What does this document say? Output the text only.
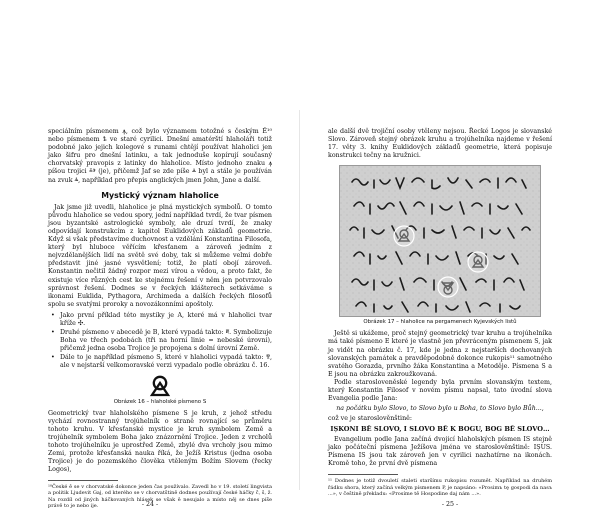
speciálním písmenem ꙟ, což bylo významem totožné s českým Ě¹⁰ nebo písmenem ѣ ve staré cyrilici. Dnešní amatérští hlaholáři totiž podobné jako jejich kolegové s runami chtějí používat hlaholici jen jako šifru pro dnešní latinku, a tak jednoduše kopírují současný chorvatský pravopis z latinky do hlaholice. Místo jednoho znaku ꙟ píšou trojici ⰻⰵ (je), přičemž Jaf se zde píše ⱑ byl a stále je používán na zvuk ⱑ, například pro přepis anglických jmen John, Jane a další.

Mystický význam hlaholice

Jak jsme již uvedli, hlaholice je plná mystických symbolů. O tomto původu hlaholice se vedou spory, jední například tvrdí, že tvar písmen jsou byzantské astrologické symboly, ale druzí tvrdí, že znaky odpovídají konstrukcím z kapitol Euklidových základů geometrie. Když si však představíme duchovnost a vzdělání Konstantina Filosofa, který byl hluboce věřícím křesťanem a zároveň jedním z nejvzdělanějších lidí na světě své doby, tak si můžeme velmi dobře představit jiné jasné vysvětlení; totiž, že platí obojí zároveň. Konstantin nečitil žádný rozpor mezi vírou a vědou, a proto fakt, že existuje více různých cest ke stejnému řešení v něm jen potvrzovalo správnost řešení. Dodnes se v řeckých klášterech setkáváme s ikonami Euklida, Pythagora, Archimeda a dalších řeckých filosofů spolu se svatými proroky a novozákonními apoštoly.

• Jako první příklad této mystiky je A, které má v hlaholici tvar křížе ✣.
• Druhé písmeno v abecedě je B, které vypadá takto: ⰱ. Symbolizuje Boha ve třech podobách (tři na horní linie = nebeské úrovni), přičemž jedna osoba Trojice je propojena s dolní úrovní Země.
• Dále to je například písmeno S, které v hlaholici vypadá takto: ⰺ, ale v nejstarší velkomoravské verzi vypadalo podle obrázku č. 16.
Obrázek 16 – hlaholské písmeno S

Geometrický tvar hlaholského písmene S je kruh, z jehož středu vychází rovnostranný trojúhelník o straně rovnající se průměru tohoto kruhu. V křesťanské mystice je kruh symbolem Země a trojúhelník symbolem Boha jako znázornění Trojice. Jeden z vrcholů tohoto trojúhelníku je uprostřed Země, zbylé dva vrcholy jsou mimo Zemi, protože křesťanská nauka říká, že Ježíš Kristus (jedna osoba Trojice) je do pozemského člověka vtěleným Božím Slovem (řecky Logos),

¹⁰České ě se v chorvatské dokonce jeden čas používalo. Zavedl ho v 19. století lingvista a politik Ljudevit Gaj, od kterého se v chorvatštině dodnes používají české háčky č, š, ž. Na rozdíl od jiných háčkovaných hlásek se však ě nesujalo a místo něj se dnes píše právě to je nebo ije.	- 24 -

ale další dvě trojiční osoby vtěleny nejsou. Řecké Logos je slovanské Slovo. Zároveň stejný obrázek kruhu a trojúhelníka najdeme v řešení 17. věty 3. knihy Euklidových základů geometrie, která popisuje konstrukci tečny na kružnici.

Obrázek 17 – hlaholice na pergamenech Kyjevských listů

Ještě si ukážeme, proč stejný geometrický tvar kruhu a trojúhelníka má také písmeno E které je vlastně jen převráceným písmenem S, jak je vidět na obrázku č. 17, kde je jedna z nejstarších dochovaných slovanských památek a pravděpodobně dokonce rukopis¹¹ samotného svatého Gorazda, prvního žáka Konstantina a Metoděje. Písmena S a E jsou na obrázku zakroužkovaná.

Podle starosloveněské legendy byla prvním slovanským textem, který Konstantin Filosof v novém písmu napsal, tato úvodní slova Evangelia podle Jana:

na počátku bylo Slovo, to Slovo bylo u Boha, to Slovo bylo Bůh...,

což ve je staroslověnštině:

IȘKONI BĚ SLOVO, I SLOVO BĚ K BOGU, BOG BĚ SLOVO…

Evangelium podle Jana začíná dvojicí hlaholských písmen IS stejně jako počáteční písmena Ježíšova jména ve staroslověnštině: IȘUS. Písmena IS jsou tak zároveň jen v cyrilici nazhatírne na ikonách. Kromě toho, že první dvě písmena

¹¹ Dodnes je totiž dvouletí staleti staršímu rukopisu rozumět. Například na druhém řádku shora, který začíná velkým písmenem P, je napsáno: «Prosimъ tę gospodi da nasъ ...», v češtině překladu: «Prosíme tě Hospodine daj nám ...».

- 25 -
